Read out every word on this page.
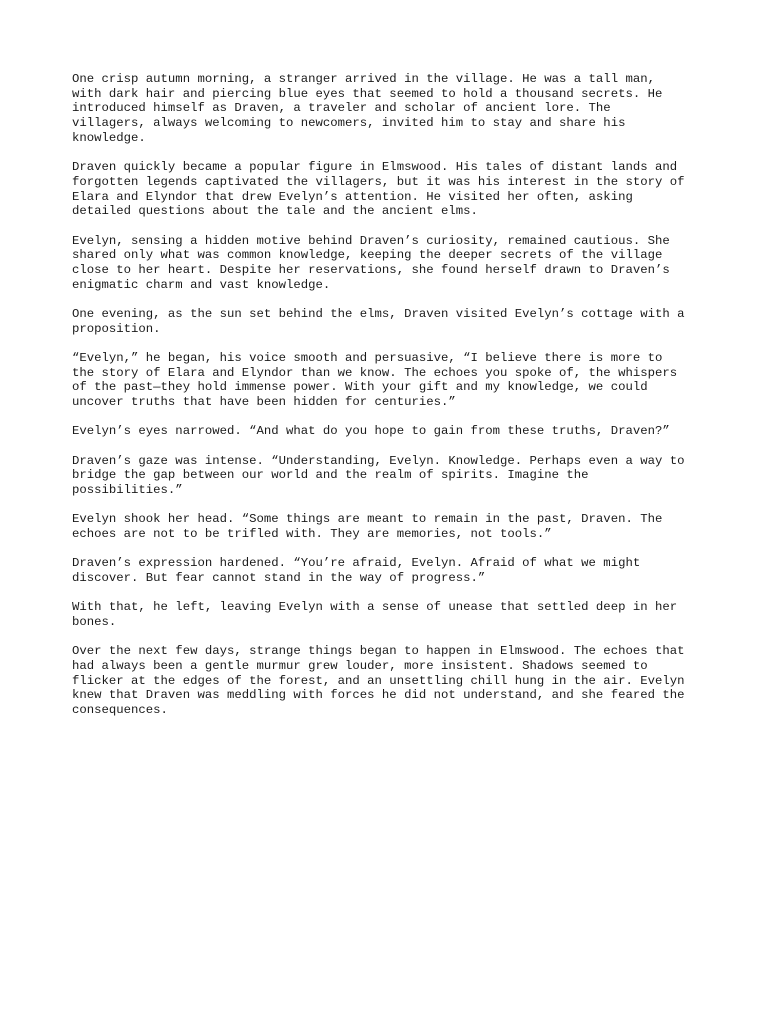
One crisp autumn morning, a stranger arrived in the village. He was a tall man,
with dark hair and piercing blue eyes that seemed to hold a thousand secrets. He
introduced himself as Draven, a traveler and scholar of ancient lore. The
villagers, always welcoming to newcomers, invited him to stay and share his
knowledge.

Draven quickly became a popular figure in Elmswood. His tales of distant lands and
forgotten legends captivated the villagers, but it was his interest in the story of
Elara and Elyndor that drew Evelyn’s attention. He visited her often, asking
detailed questions about the tale and the ancient elms.

Evelyn, sensing a hidden motive behind Draven’s curiosity, remained cautious. She
shared only what was common knowledge, keeping the deeper secrets of the village
close to her heart. Despite her reservations, she found herself drawn to Draven’s
enigmatic charm and vast knowledge.

One evening, as the sun set behind the elms, Draven visited Evelyn’s cottage with a
proposition.

“Evelyn,” he began, his voice smooth and persuasive, “I believe there is more to
the story of Elara and Elyndor than we know. The echoes you spoke of, the whispers
of the past—they hold immense power. With your gift and my knowledge, we could
uncover truths that have been hidden for centuries.”

Evelyn’s eyes narrowed. “And what do you hope to gain from these truths, Draven?”

Draven’s gaze was intense. “Understanding, Evelyn. Knowledge. Perhaps even a way to
bridge the gap between our world and the realm of spirits. Imagine the
possibilities.”

Evelyn shook her head. “Some things are meant to remain in the past, Draven. The
echoes are not to be trifled with. They are memories, not tools.”

Draven’s expression hardened. “You’re afraid, Evelyn. Afraid of what we might
discover. But fear cannot stand in the way of progress.”

With that, he left, leaving Evelyn with a sense of unease that settled deep in her
bones.

Over the next few days, strange things began to happen in Elmswood. The echoes that
had always been a gentle murmur grew louder, more insistent. Shadows seemed to
flicker at the edges of the forest, and an unsettling chill hung in the air. Evelyn
knew that Draven was meddling with forces he did not understand, and she feared the
consequences.
